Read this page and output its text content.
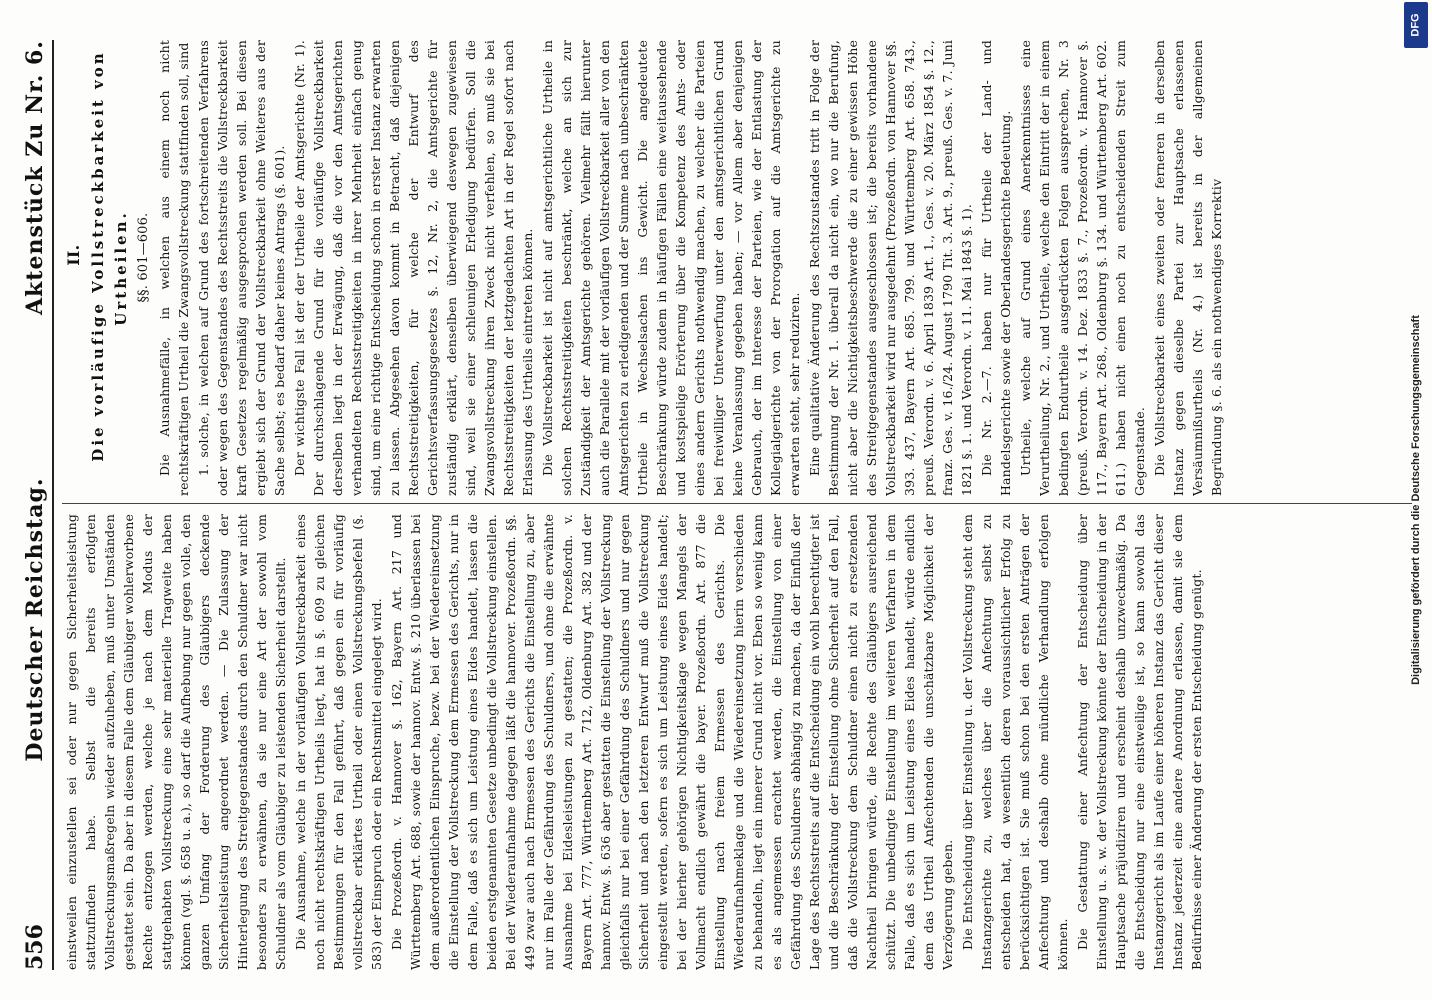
556
Deutscher Reichstag.
Aktenstück Zu Nr. 6.

einstweilen einzustellen sei oder nur gegen Sicherheitsleistung stattzufinden habe. Selbst die bereits erfolgten Vollstreckungsmaßregeln wieder aufzuheben, muß unter Umständen gestattet sein. Da aber in diesem Falle dem Gläubiger wohlerworbene Rechte entzogen werden, welche je nach dem Modus der stattgehabten Vollstreckung eine sehr materielle Tragweite haben können (vgl. §. 658 u. a.), so darf die Aufhebung nur gegen volle, den ganzen Umfang der Forderung des Gläubigers deckende Sicherheitsleistung angeordnet werden. — Die Zulassung der Hinterlegung des Streitgegenstandes durch den Schuldner war nicht besonders zu erwähnen, da sie nur eine Art der sowohl vom Schuldner als vom Gläubiger zu leistenden Sicherheit darstellt. Die Ausnahme, welche in der vorläufigen Vollstreckbarkeit eines noch nicht rechtskräftigen Urtheils liegt, hat in §. 609 zu gleichen Bestimmungen für den Fall geführt, daß gegen ein für vorläufig vollstreckbar erklärtes Urtheil oder einen Vollstreckungsbefehl (§. 583) der Einspruch oder ein Rechtsmittel eingelegt wird. Die Prozeßordn. v. Hannover §. 162, Bayern Art. 217 und Württemberg Art. 688, sowie der hannov. Entw. §. 210 überlassen bei dem außerordentlichen Einspruche, bezw. bei der Wiedereinsetzung die Einstellung der Vollstreckung dem Ermessen des Gerichts, nur in dem Falle, daß es sich um Leistung eines Eides handelt, lassen die beiden erstgenannten Gesetze unbedingt die Vollstreckung einstellen. Bei der Wiederaufnahme dagegen läßt die hannover. Prozeßordn. §§. 449 zwar auch nach Ermessen des Gerichts die Einstellung zu, aber nur im Falle der Gefährdung des Schuldners, und ohne die erwähnte Ausnahme bei Eidesleistungen zu gestatten; die Prozeßordn. v. Bayern Art. 777, Württemberg Art. 712, Oldenburg Art. 382 und der hannov. Entw. §. 636 aber gestatten die Einstellung der Vollstreckung gleichfalls nur bei einer Gefährdung des Schuldners und nur gegen Sicherheit und nach den letzteren Entwurf muß die Vollstreckung eingestellt werden, sofern es sich um Leistung eines Eides handelt; bei der hierher gehörigen Nichtigkeitsklage wegen Mangels der Vollmacht endlich gewährt die bayer. Prozeßordn. Art. 877 die Einstellung nach freiem Ermessen des Gerichts. Die Wiederaufnahmeklage und die Wiedereinsetzung hierin verschieden zu behandeln, liegt ein innerer Grund nicht vor. Eben so wenig kann es als angemessen erachtet werden, die Einstellung von einer Gefährdung des Schuldners abhängig zu machen, da der Einfluß der Lage des Rechtsstreits auf die Entscheidung ein wohl berechtigter ist und die Beschränkung der Einstellung ohne Sicherheit auf den Fall, daß die Vollstreckung dem Schuldner einen nicht zu ersetzenden Nachtheil bringen würde, die Rechte des Gläubigers ausreichend schützt. Die unbedingte Einstellung im weiteren Verfahren in dem Falle, daß es sich um Leistung eines Eides handelt, würde endlich dem das Urtheil Anfechtenden die unschätzbare Möglichkeit der Verzögerung geben. Die Entscheidung über Einstellung u. der Vollstreckung steht dem Instanzgerichte zu, welches über die Anfechtung selbst zu entscheiden hat, da wesentlich deren voraussichtlicher Erfolg zu berücksichtigen ist. Sie muß schon bei den ersten Anträgen der Anfechtung und deshalb ohne mündliche Verhandlung erfolgen können. Die Gestattung einer Anfechtung der Entscheidung über Einstellung u. s. w. der Vollstreckung könnte der Entscheidung in der Hauptsache präjudiziren und erscheint deshalb unzweckmäßig. Da die Entscheidung nur eine einstweilige ist, so kann sowohl das Instanzgericht als im Laufe einer höheren Instanz das Gericht dieser Instanz jederzeit eine andere Anordnung erlassen, damit sie dem Bedürfnisse einer Änderung der ersten Entscheidung genügt.

II. Die vorläufige Vollstreckbarkeit von Urtheilen. §§. 601—606. Die Ausnahmefälle, in welchen aus einem noch nicht rechtskräftigen Urtheil die Zwangsvollstreckung stattfinden soll, sind 1. solche, in welchen auf Grund des fortschreitenden Verfahrens oder wegen des Gegenstandes des Rechtsstreits die Vollstreckbarkeit kraft Gesetzes regelmäßig ausgesprochen werden soll. Bei diesen ergiebt sich der Grund der Vollstreckbarkeit ohne Weiteres aus der Sache selbst; es bedarf daher keines Antrags (§. 601). Der wichtigste Fall ist der der Urtheile der Amtsgerichte (Nr. 1). Der durchschlagende Grund für die vorläufige Vollstreckbarkeit derselben liegt in der Erwägung, daß die vor den Amtsgerichten verhandelten Rechtsstreitigkeiten in ihrer Mehrheit einfach genug sind, um eine richtige Entscheidung schon in erster Instanz erwarten zu lassen. Abgesehen davon kommt in Betracht, daß diejenigen Rechtsstreitigkeiten, für welche der Entwurf des Gerichtsverfassungsgesetzes §. 12, Nr. 2, die Amtsgerichte für zuständig erklärt, denselben überwiegend deswegen zugewiesen sind, weil sie einer schleunigen Erledigung bedürfen. Soll die Zwangsvollstreckung ihren Zweck nicht verfehlen, so muß sie bei Rechtsstreitigkeiten der letztgedachten Art in der Regel sofort nach Erlassung des Urtheils eintreten können. Die Vollstreckbarkeit ist nicht auf amtsgerichtliche Urtheile in solchen Rechtsstreitigkeiten beschränkt, welche an sich zur Zuständigkeit der Amtsgerichte gehören. Vielmehr fällt hierunter auch die Parallele mit der vorläufigen Vollstreckbarkeit aller von den Amtsgerichten zu erledigenden und der Summe nach unbeschränkten Urtheile in Wechselsachen ins Gewicht. Die angedeutete Beschränkung würde zudem in häufigen Fällen eine weitaussehende und kostspielige Erörterung über die Kompetenz des Amts- oder eines andern Gerichts nothwendig machen, zu welcher die Parteien bei freiwilliger Unterwerfung unter den amtsgerichtlichen Grund keine Veranlassung gegeben haben; — vor Allem aber denjenigen Gebrauch, der im Interesse der Parteien, wie der Entlastung der Kollegialgerichte von der Prorogation auf die Amtsgerichte zu erwarten steht, sehr reduziren. Eine qualitative Änderung des Rechtszustandes tritt in Folge der Bestimmung der Nr. 1. überall da nicht ein, wo nur die Berufung, nicht aber die Nichtigkeitsbeschwerde die zu einer gewissen Höhe des Streitgegenstandes ausgeschlossen ist; die bereits vorhandene Vollstreckbarkeit wird nur ausgedehnt (Prozeßordn. von Hannover §§. 393. 437, Bayern Art. 685. 799. und Württemberg Art. 658. 743., preuß. Verordn. v. 6. April 1839 Art. 1., Ges. v. 20. März 1854 §. 12., franz. Ges. v. 16./24. August 1790 Tit. 3. Art. 9., preuß. Ges. v. 7. Juni 1821 §. 1. und Verordn. v. 11. Mai 1843 §. 1). Die Nr. 2.—7. haben nur für Urtheile der Land- und Handelsgerichte sowie der Oberlandesgerichte Bedeutung. Urtheile, welche auf Grund eines Anerkenntnisses eine Verurtheilung, Nr. 2., und Urtheile, welche den Eintritt der in einem bedingten Endurtheile ausgedrückten Folgen aussprechen, Nr. 3 (preuß. Verordn. v. 14. Dez. 1833 §. 7., Prozeßordn. v. Hannover §. 117., Bayern Art. 268., Oldenburg §. 134. und Württemberg Art. 602. 611.) haben nicht einen noch zu entscheidenden Streit zum Gegenstande. Die Vollstreckbarkeit eines zweiten oder ferneren in derselben Instanz gegen dieselbe Partei zur Hauptsache erlassenen Versäumnißurtheils (Nr. 4.) ist bereits in der allgemeinen Begründung §. 6. als ein nothwendiges Korrektiv	Digitalisierung gefördert durch die Deutsche Forschungsgemeinschaft
DFG
